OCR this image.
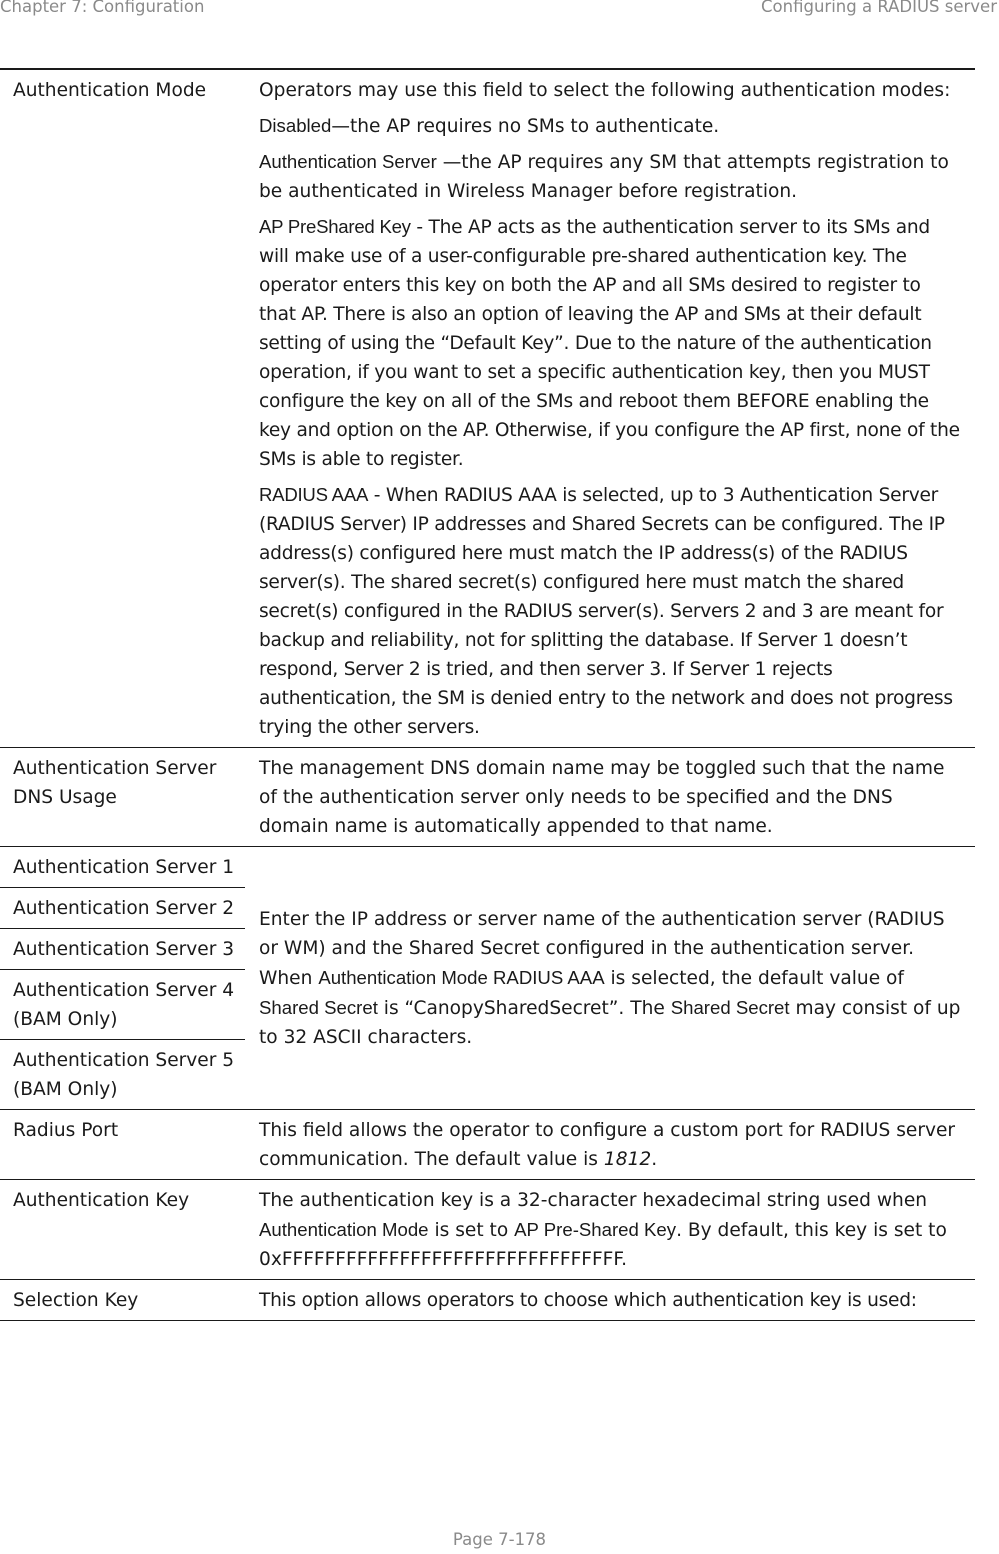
Chapter 7: Configuration	Configuring a RADIUS server
Authentication Mode	Operators may use this field to select the following authentication modes:

Disabled—the AP requires no SMs to authenticate.

Authentication Server —the AP requires any SM that attempts registration to be authenticated in Wireless Manager before registration.

AP PreShared Key - The AP acts as the authentication server to its SMs and will make use of a user-configurable pre-shared authentication key. The operator enters this key on both the AP and all SMs desired to register to that AP. There is also an option of leaving the AP and SMs at their default setting of using the “Default Key”. Due to the nature of the authentication operation, if you want to set a specific authentication key, then you MUST configure the key on all of the SMs and reboot them BEFORE enabling the key and option on the AP. Otherwise, if you configure the AP first, none of the SMs is able to register.

RADIUS AAA - When RADIUS AAA is selected, up to 3 Authentication Server (RADIUS Server) IP addresses and Shared Secrets can be configured. The IP address(s) configured here must match the IP address(s) of the RADIUS server(s). The shared secret(s) configured here must match the shared secret(s) configured in the RADIUS server(s). Servers 2 and 3 are meant for backup and reliability, not for splitting the database. If Server 1 doesn’t respond, Server 2 is tried, and then server 3. If Server 1 rejects authentication, the SM is denied entry to the network and does not progress trying the other servers.

Authentication Server DNS Usage	The management DNS domain name may be toggled such that the name of the authentication server only needs to be specified and the DNS domain name is automatically appended to that name.
Authentication Server 1	Enter the IP address or server name of the authentication server (RADIUS or WM) and the Shared Secret configured in the authentication server. When Authentication Mode RADIUS AAA is selected, the default value of Shared Secret is “CanopySharedSecret”. The Shared Secret may consist of up to 32 ASCII characters.
Authentication Server 2	
Authentication Server 3	
Authentication Server 4 (BAM Only)	
Authentication Server 5 (BAM Only)	
Radius Port	This field allows the operator to configure a custom port for RADIUS server communication. The default value is 1812.
Authentication Key	The authentication key is a 32-character hexadecimal string used when Authentication Mode is set to AP Pre-Shared Key. By default, this key is set to 0xFFFFFFFFFFFFFFFFFFFFFFFFFFFFFFFF.
Selection Key	This option allows operators to choose which authentication key is used:
Page 7-178
